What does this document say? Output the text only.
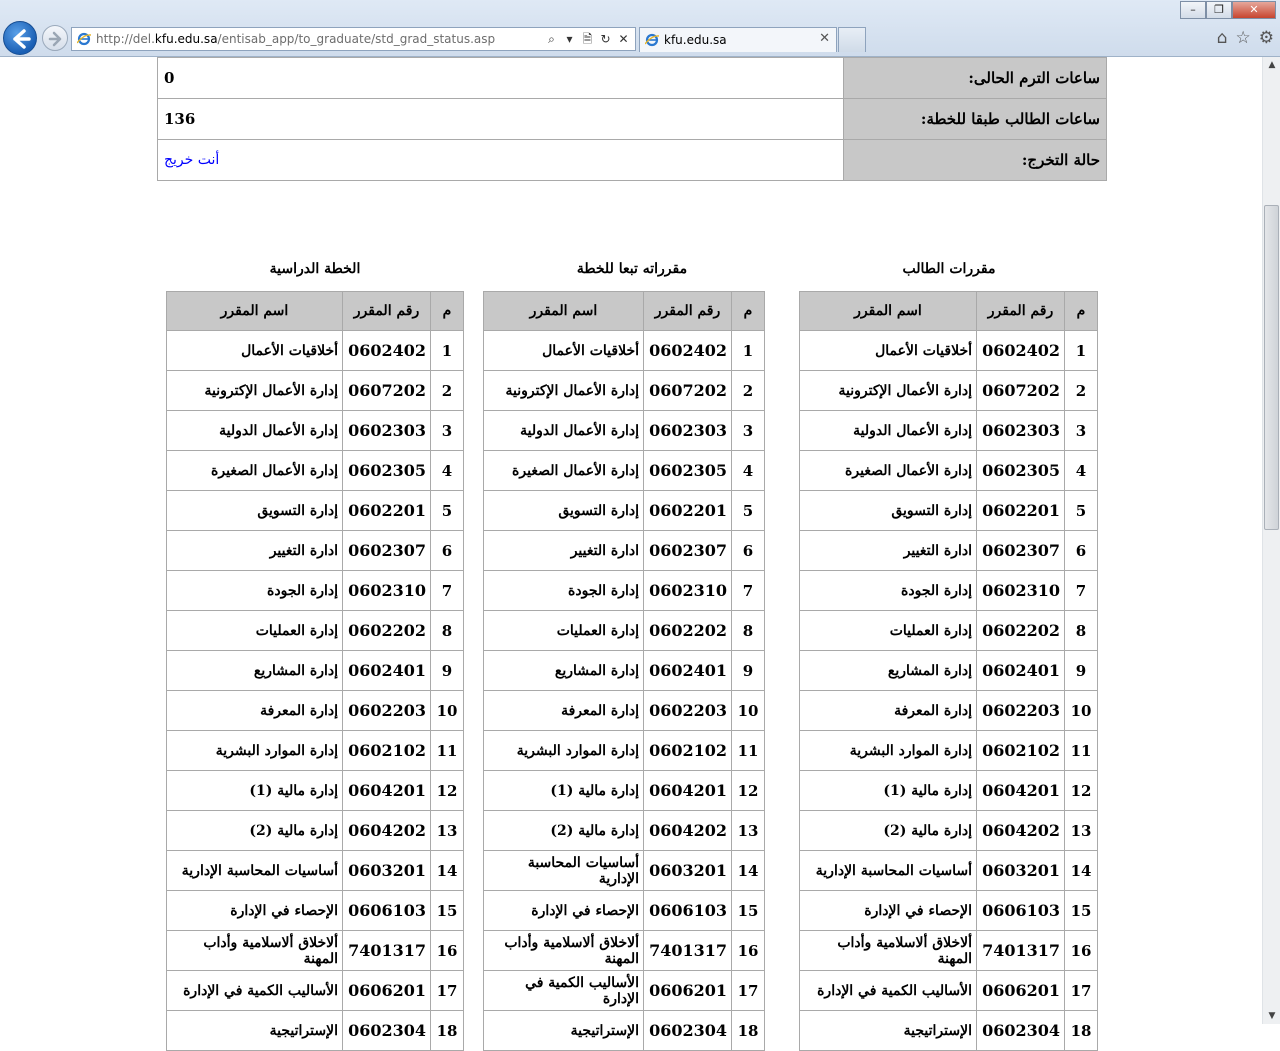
http://del.kfu.edu.sa/entisab_app/to_graduate/std_grad_status.asp	⌕ ▾ 🗎 ↻ ✕	kfu.edu.sa	✕
–	❐	✕
⌂ ☆ ⚙
▲
▼
ساعات الترم الحالى:	0
ساعات الطالب طبقا للخطة:	136
حالة التخرج:	أنت خريج
مقررات الطالب
مقرراته تبعا للخطة
الخطة الدراسية
م	رقم المقرر	اسم المقرر
1	0602402	أخلاقيات الأعمال
2	0607202	إدارة الأعمال الإكترونية
3	0602303	إدارة الأعمال الدولية
4	0602305	إدارة الأعمال الصغيرة
5	0602201	إدارة التسويق
6	0602307	ادارة التغيير
7	0602310	إدارة الجودة
8	0602202	إدارة العمليات
9	0602401	إدارة المشاريع
10	0602203	إدارة المعرفة
11	0602102	إدارة الموارد البشرية
12	0604201	إدارة مالية (1)
13	0604202	إدارة مالية (2)
14	0603201	أساسيات المحاسبة الإدارية
15	0606103	الإحصاء في الإدارة
16	7401317	ألاخلاق ألاسلامية وأداب المهنة
17	0606201	الأساليب الكمية في الإدارة
18	0602304	الإستراتيجية
م	رقم المقرر	اسم المقرر
1	0602402	أخلاقيات الأعمال
2	0607202	إدارة الأعمال الإكترونية
3	0602303	إدارة الأعمال الدولية
4	0602305	إدارة الأعمال الصغيرة
5	0602201	إدارة التسويق
6	0602307	ادارة التغيير
7	0602310	إدارة الجودة
8	0602202	إدارة العمليات
9	0602401	إدارة المشاريع
10	0602203	إدارة المعرفة
11	0602102	إدارة الموارد البشرية
12	0604201	إدارة مالية (1)
13	0604202	إدارة مالية (2)
14	0603201	أساسيات المحاسبة الإدارية
15	0606103	الإحصاء في الإدارة
16	7401317	ألاخلاق ألاسلامية وأداب المهنة
17	0606201	الأساليب الكمية في الإدارة
18	0602304	الإستراتيجية
م	رقم المقرر	اسم المقرر
1	0602402	أخلاقيات الأعمال
2	0607202	إدارة الأعمال الإكترونية
3	0602303	إدارة الأعمال الدولية
4	0602305	إدارة الأعمال الصغيرة
5	0602201	إدارة التسويق
6	0602307	ادارة التغيير
7	0602310	إدارة الجودة
8	0602202	إدارة العمليات
9	0602401	إدارة المشاريع
10	0602203	إدارة المعرفة
11	0602102	إدارة الموارد البشرية
12	0604201	إدارة مالية (1)
13	0604202	إدارة مالية (2)
14	0603201	أساسيات المحاسبة الإدارية
15	0606103	الإحصاء في الإدارة
16	7401317	ألاخلاق ألاسلامية وأداب المهنة
17	0606201	الأساليب الكمية في الإدارة
18	0602304	الإستراتيجية
